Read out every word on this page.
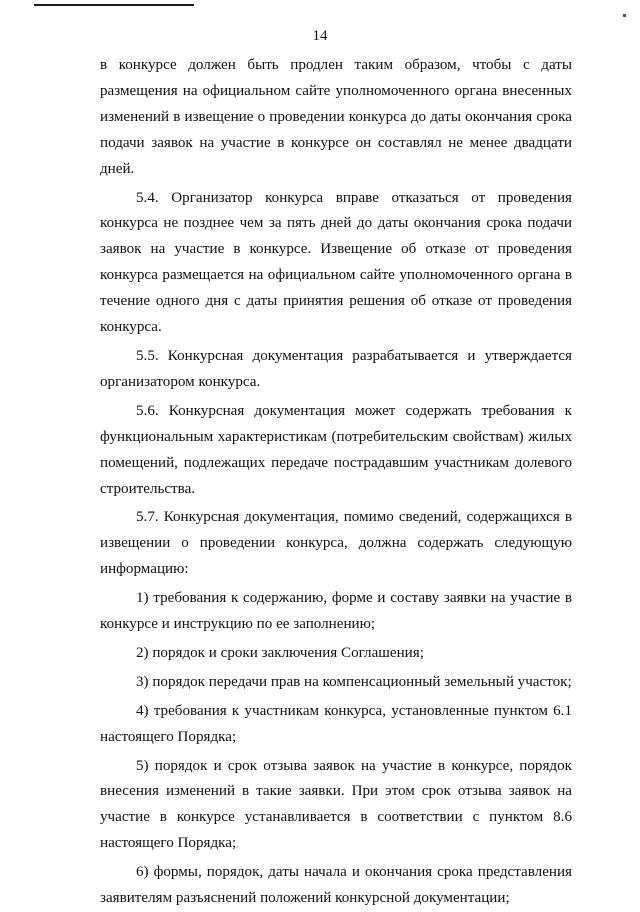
14

в конкурсе должен быть продлен таким образом, чтобы с даты размещения на официальном сайте уполномоченного органа внесенных изменений в извещение о проведении конкурса до даты окончания срока подачи заявок на участие в конкурсе он составлял не менее двадцати дней.

5.4. Организатор конкурса вправе отказаться от проведения конкурса не позднее чем за пять дней до даты окончания срока подачи заявок на участие в конкурсе. Извещение об отказе от проведения конкурса размещается на официальном сайте уполномоченного органа в течение одного дня с даты принятия решения об отказе от проведения конкурса.

5.5. Конкурсная документация разрабатывается и утверждается организатором конкурса.

5.6. Конкурсная документация может содержать требования к функциональным характеристикам (потребительским свойствам) жилых помещений, подлежащих передаче пострадавшим участникам долевого строительства.

5.7. Конкурсная документация, помимо сведений, содержащихся в извещении о проведении конкурса, должна содержать следующую информацию:

1) требования к содержанию, форме и составу заявки на участие в конкурсе и инструкцию по ее заполнению;

2) порядок и сроки заключения Соглашения;

3) порядок передачи прав на компенсационный земельный участок;

4) требования к участникам конкурса, установленные пунктом 6.1 настоящего Порядка;

5) порядок и срок отзыва заявок на участие в конкурсе, порядок внесения изменений в такие заявки. При этом срок отзыва заявок на участие в конкурсе устанавливается в соответствии с пунктом 8.6 настоящего Порядка;

6) формы, порядок, даты начала и окончания срока представления заявителям разъяснений положений конкурсной документации;
